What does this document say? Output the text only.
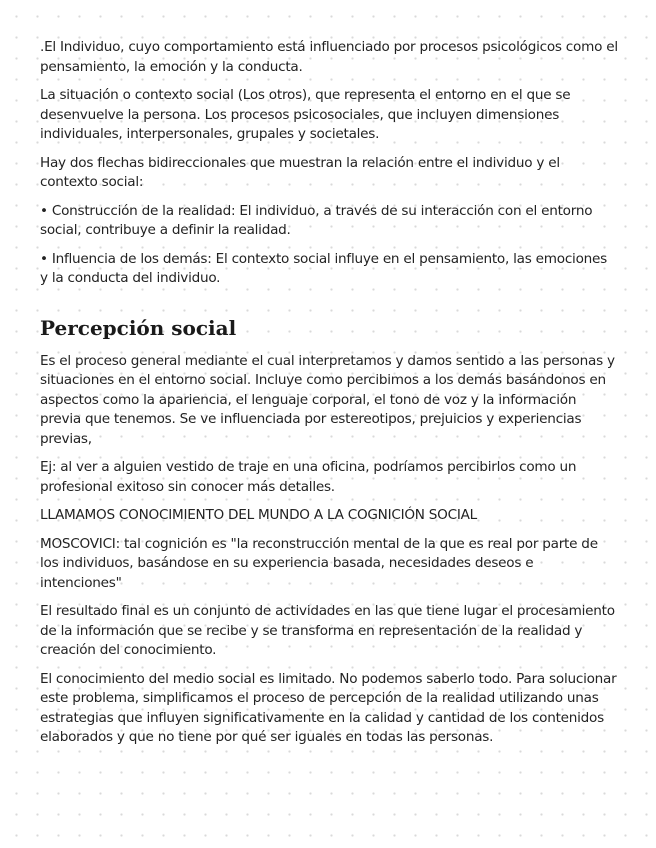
.El Individuo, cuyo comportamiento está influenciado por procesos psicológicos como el pensamiento, la emoción y la conducta.

La situación o contexto social (Los otros), que representa el entorno en el que se desenvuelve la persona. Los procesos psicosociales, que incluyen dimensiones individuales, interpersonales, grupales y societales.

Hay dos flechas bidireccionales que muestran la relación entre el individuo y el contexto social:

• Construcción de la realidad: El individuo, a través de su interacción con el entorno social, contribuye a definir la realidad.

• Influencia de los demás: El contexto social influye en el pensamiento, las emociones y la conducta del individuo.

Percepción social

Es el proceso general mediante el cual interpretamos y damos sentido a las personas y situaciones en el entorno social. Incluye como percibimos a los demás basándonos en aspectos como la apariencia, el lenguaje corporal, el tono de voz y la información previa que tenemos. Se ve influenciada por estereotipos, prejuicios y experiencias previas,

Ej: al ver a alguien vestido de traje en una oficina, podríamos percibirlos como un profesional exitoso sin conocer más detalles.

LLAMAMOS CONOCIMIENTO DEL MUNDO A LA COGNICIÓN SOCIAL

MOSCOVICI: tal cognición es "la reconstrucción mental de la que es real por parte de los individuos, basándose en su experiencia basada, necesidades deseos e intenciones"

El resultado final es un conjunto de actividades en las que tiene lugar el procesamiento de la información que se recibe y se transforma en representación de la realidad y creación del conocimiento.

El conocimiento del medio social es limitado. No podemos saberlo todo. Para solucionar este problema, simplificamos el proceso de percepción de la realidad utilizando unas estrategias que influyen significativamente en la calidad y cantidad de los contenidos elaborados y que no tiene por qué ser iguales en todas las personas.
